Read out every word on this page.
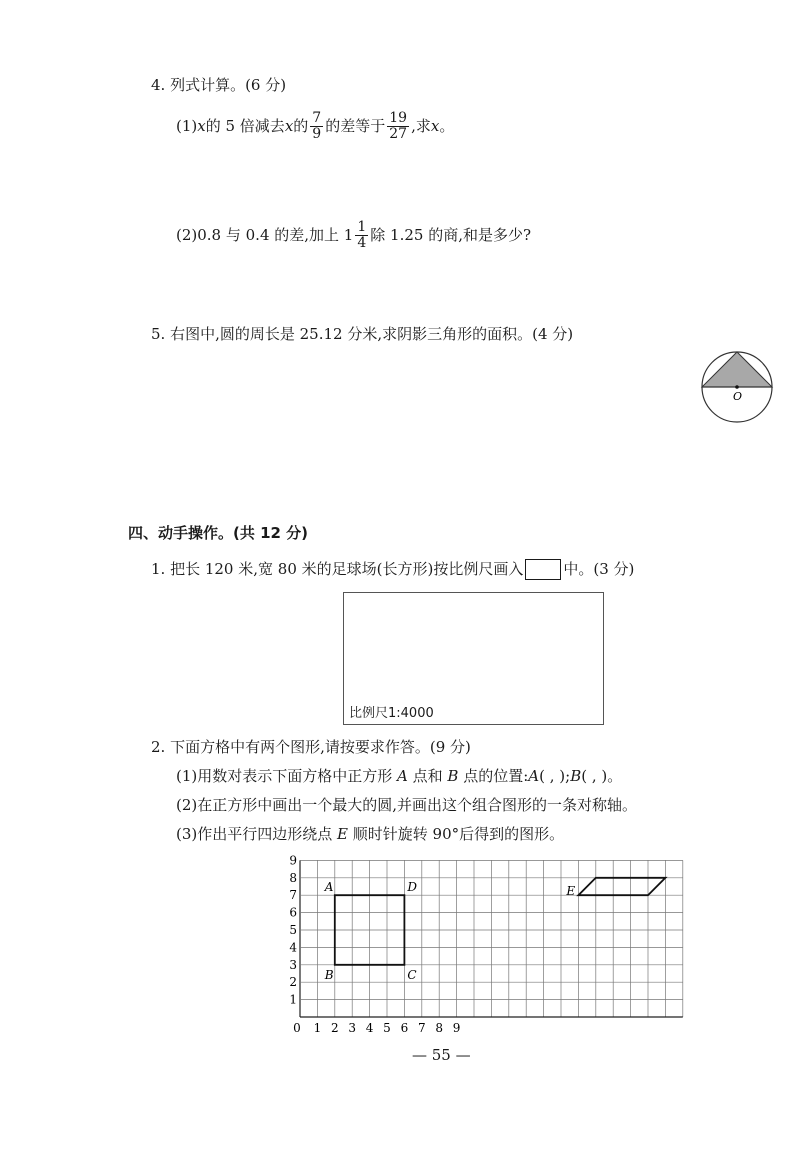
4. 列式计算。(6 分)
(1) x 的 5 倍减去 x 的 $\frac{7}{9}$ 的差等于 $\frac{19}{27}$ ,求 x 。
(2)0.8 与 0.4 的差,加上 $1 \frac{1}{4}$ 除 1.25 的商,和是多少?
5. 右图中,圆的周长是 25.12 分米,求阴影三角形的面积。(4 分)
O
四、动手操作。(共 12 分)
1. 把长 120 米,宽 80 米的足球场(长方形)按比例尺画入	中。(3 分)
比例尺1:4000
2. 下面方格中有两个图形,请按要求作答。(9 分)
(1)用数对表示下面方格中正方形 A 点和 B 点的位置:A( , );B( , )。
(2)在正方形中画出一个最大的圆,并画出这个组合图形的一条对称轴。
(3)作出平行四边形绕点 E 顺时针旋转 90°后得到的图形。
9
8
7
6
5
4
3
2
1
0 1 2 3 4 5 6 7 8 9
A	D
B	C
E
— 55 —
